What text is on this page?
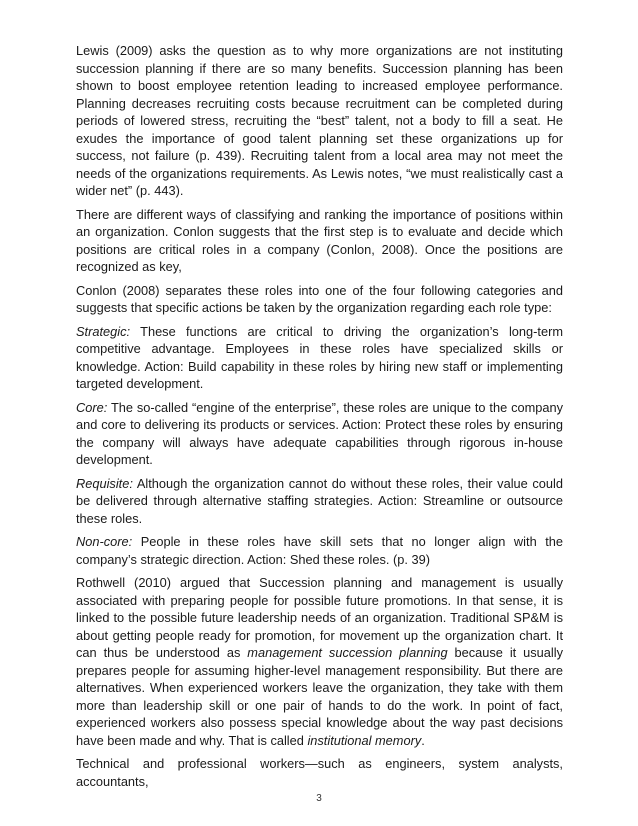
Lewis (2009) asks the question as to why more organizations are not instituting succession planning if there are so many benefits. Succession planning has been shown to boost employee retention leading to increased employee performance. Planning decreases recruiting costs because recruitment can be completed during periods of lowered stress, recruiting the “best” talent, not a body to fill a seat. He exudes the importance of good talent planning set these organizations up for success, not failure (p. 439). Recruiting talent from a local area may not meet the needs of the organizations requirements. As Lewis notes, “we must realistically cast a wider net” (p. 443).

There are different ways of classifying and ranking the importance of positions within an organization. Conlon suggests that the first step is to evaluate and decide which positions are critical roles in a company (Conlon, 2008). Once the positions are recognized as key,

Conlon (2008) separates these roles into one of the four following categories and suggests that specific actions be taken by the organization regarding each role type:

Strategic: These functions are critical to driving the organization’s long-term competitive advantage. Employees in these roles have specialized skills or knowledge. Action: Build capability in these roles by hiring new staff or implementing targeted development.

Core: The so-called “engine of the enterprise”, these roles are unique to the company and core to delivering its products or services. Action: Protect these roles by ensuring the company will always have adequate capabilities through rigorous in-house development.

Requisite: Although the organization cannot do without these roles, their value could be delivered through alternative staffing strategies. Action: Streamline or outsource these roles.

Non-core: People in these roles have skill sets that no longer align with the company’s strategic direction. Action: Shed these roles. (p. 39)

Rothwell (2010) argued that Succession planning and management is usually associated with preparing people for possible future promotions. In that sense, it is linked to the possible future leadership needs of an organization. Traditional SP&M is about getting people ready for promotion, for movement up the organization chart. It can thus be understood as management succession planning because it usually prepares people for assuming higher-level management responsibility. But there are alternatives. When experienced workers leave the organization, they take with them more than leadership skill or one pair of hands to do the work. In point of fact, experienced workers also possess special knowledge about the way past decisions have been made and why. That is called institutional memory.

Technical and professional workers—such as engineers, system analysts, accountants,

3
